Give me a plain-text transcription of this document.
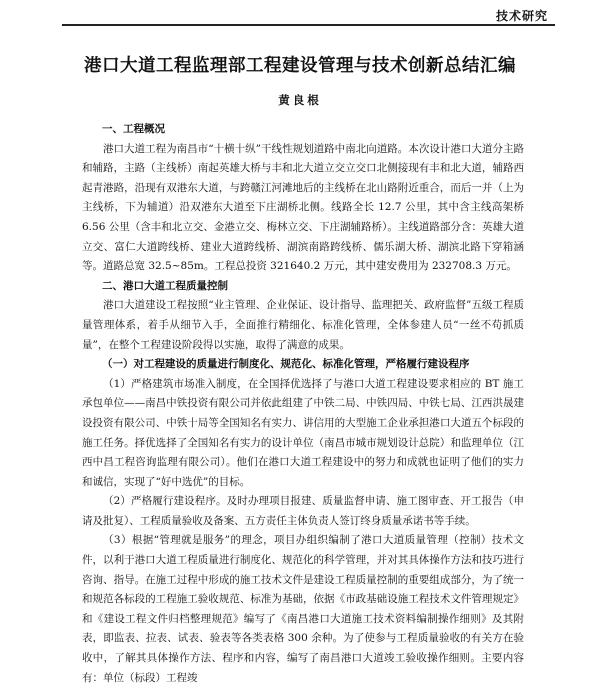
技术研究
港口大道工程监理部工程建设管理与技术创新总结汇编
黄良根
一、工程概况
港口大道工程为南昌市“十横十纵”干线性规划道路中南北向道路。本次设计港口大道分主路和辅路，主路（主线桥）南起英雄大桥与丰和北大道立交立交口北侧接现有丰和北大道，辅路西起青港路，沿现有双港东大道，与跨赣江河滩地后的主线桥在北山路附近重合，而后一并（上为主线桥，下为辅道）沿双港东大道至下庄湖桥北侧。线路全长 12.7 公里，其中含主线高架桥 6.56 公里（含丰和北立交、金港立交、梅林立交、下庄湖辅路桥）。主线道路部分含：英雄大道立交、富仁大道跨线桥、建业大道跨线桥、湖滨南路跨线桥、儒乐湖大桥、湖滨北路下穿箱涵等。道路总宽 32.5~85m。工程总投资 321640.2 万元，其中建安费用为 232708.3 万元。
二、港口大道工程质量控制
港口大道建设工程按照“业主管理、企业保证、设计指导、监理把关、政府监督”五级工程质量管理体系，着手从细节入手，全面推行精细化、标准化管理，全体参建人员“一丝不苟抓质量”，在整个工程建设阶段得以实施，取得了满意的成果。
（一）对工程建设的质量进行制度化、规范化、标准化管理，严格履行建设程序
（1）严格建筑市场准入制度，在全国择优选择了与港口大道工程建设要求相应的 BT 施工承包单位——南昌中铁投资有限公司并依此组建了中铁二局、中铁四局、中铁七局、江西洪晟建设投资有限公司、中铁十局等全国知名有实力、讲信用的大型施工企业承担港口大道五个标段的施工任务。择优选择了全国知名有实力的设计单位（南昌市城市规划设计总院）和监理单位（江西中昌工程咨询监理有限公司）。他们在港口大道工程建设中的努力和成就也证明了他们的实力和诚信，实现了“好中选优”的目标。
（2）严格履行建设程序。及时办理项目报建、质量监督申请、施工图审查、开工报告（申请及批复）、工程质量验收及备案、五方责任主体负责人签订终身质量承诺书等手续。
（3）根据“管理就是服务”的理念，项目办组织编制了港口大道质量管理（控制）技术文件，以利于港口大道工程质量进行制度化、规范化的科学管理，并对其具体操作方法和技巧进行咨询、指导。在施工过程中形成的施工技术文件是建设工程质量控制的重要组成部分，为了统一和规范各标段的工程施工验收规范、标准为基础，依据《市政基础设施工程技术文件管理规定》和《建设工程文件归档整理规范》编写了《南昌港口大道施工技术资料编制操作细则》及其附表，即监表、拉表、试表、验表等各类表格 300 余种。为了使参与工程质量验收的有关方在验收中，了解其具体操作方法、程序和内容，编写了南昌港口大道竣工验收操作细则。主要内容有：单位（标段）工程竣
